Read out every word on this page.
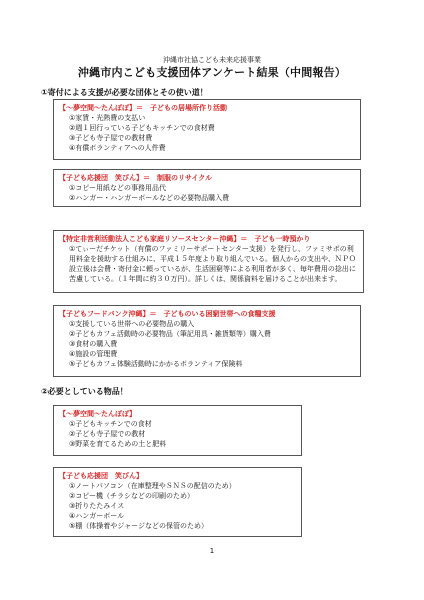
沖縄市社協こども未来応援事業
沖縄市内こども支援団体アンケート結果（中間報告）
①寄付による支援が必要な団体とその使い道！
【～夢空間～たんぽぽ】＝　子どもの居場所作り活動
①家賃・光熱費の支払い
②週１回行っている子どもキッチンでの食材費
③子ども寺子屋での教材費
④有償ボランティアへの人件費
【子ども応援団　笑びん】＝　制服のリサイクル
①コピー用紙などの事務用品代
②ハンガー・ハンガーボールなどの必要物品購入費
【特定非営利活動法人こども家庭リソースセンター沖縄】＝　子ども一時預かり
①てぃーだチケット（有償のファミリーサポートセンター支援）を発行し、ファミサポの利用料金を援助する仕組みに、平成１５年度より取り組んでいる。個人からの支出や、ＮＰＯ設立後は会費・寄付金に頼っているが、生活困窮等による利用者が多く、毎年費用の捻出に苦慮している。（１年間に約３０万円）。詳しくは、関係資料を届けることが出来ます。
【子どもフードバンク沖縄】＝　子どものいる困窮世帯への食糧支援
①支援している世帯への必要物品の購入
②子どもカフェ活動時の必要物品（筆記用具・雑貨類等）購入費
③食材の購入費
④施設の管理費
⑤子どもカフェ体験活動時にかかるボランティア保険料
②必要としている物品！
【～夢空間～たんぽぽ】
①子どもキッチンでの食材
②子ども寺子屋での教材
③野菜を育てるための土と肥料
【子ども応援団　笑びん】
①ノートパソコン（在庫整理やＳＮＳの配信のため）
②コピー機（チラシなどの印刷のため）
③折りたたみイス
④ハンガーボール
⑤棚（体操着やジャージなどの保管のため）
1
